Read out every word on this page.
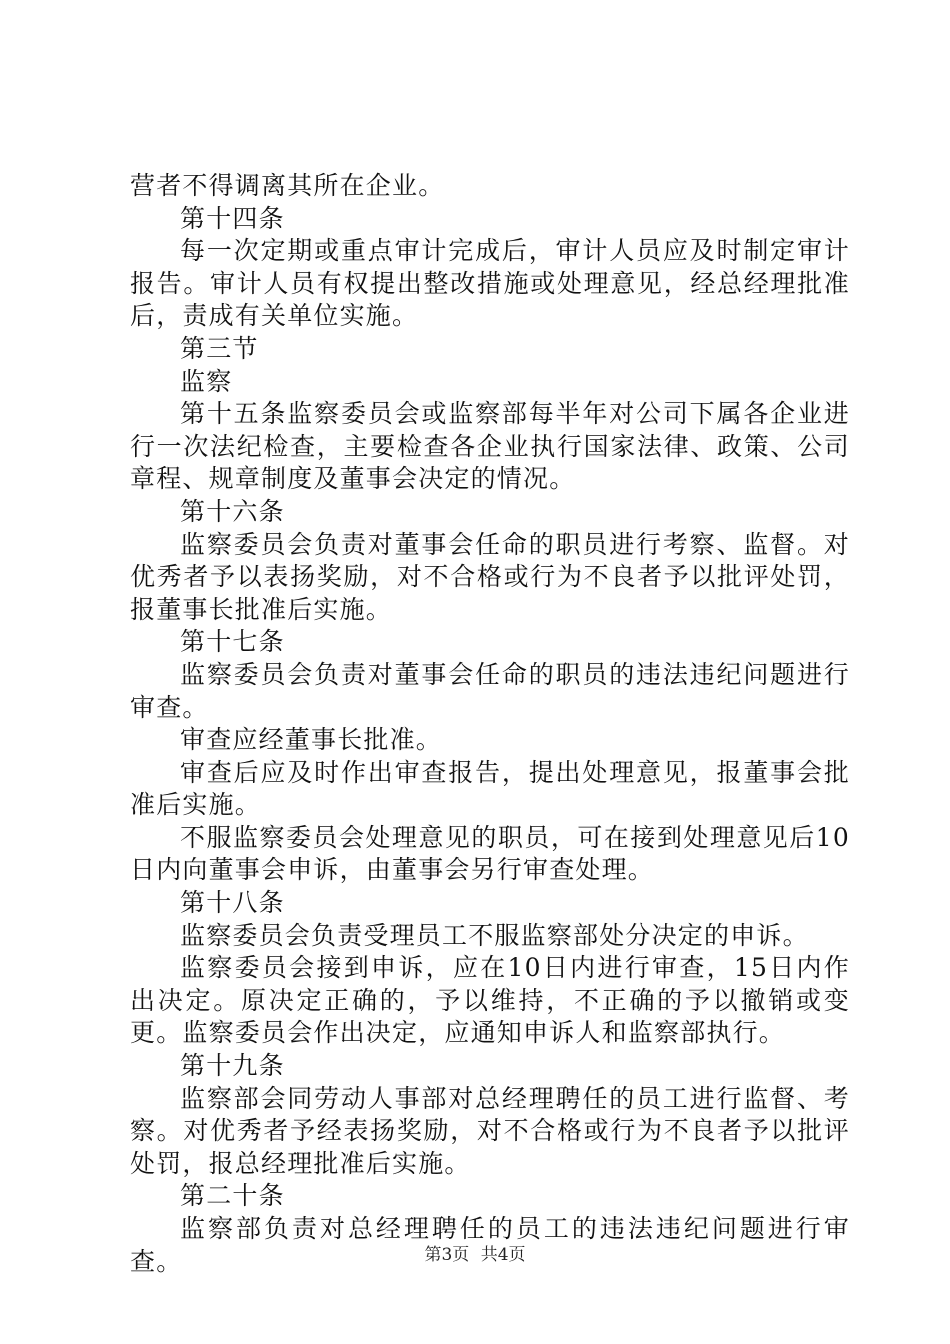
营者不得调离其所在企业。

第十四条

每一次定期或重点审计完成后，审计人员应及时制定审计报告。审计人员有权提出整改措施或处理意见，经总经理批准后，责成有关单位实施。

第三节

监察

第十五条监察委员会或监察部每半年对公司下属各企业进行一次法纪检查，主要检查各企业执行国家法律、政策、公司章程、规章制度及董事会决定的情况。

第十六条

监察委员会负责对董事会任命的职员进行考察、监督。对优秀者予以表扬奖励，对不合格或行为不良者予以批评处罚，报董事长批准后实施。

第十七条

监察委员会负责对董事会任命的职员的违法违纪问题进行审查。

审查应经董事长批准。

审查后应及时作出审查报告，提出处理意见，报董事会批准后实施。

不服监察委员会处理意见的职员，可在接到处理意见后10日内向董事会申诉，由董事会另行审查处理。

第十八条

监察委员会负责受理员工不服监察部处分决定的申诉。

监察委员会接到申诉，应在10日内进行审查，15日内作出决定。原决定正确的，予以维持，不正确的予以撤销或变更。监察委员会作出决定，应通知申诉人和监察部执行。

第十九条

监察部会同劳动人事部对总经理聘任的员工进行监督、考察。对优秀者予经表扬奖励，对不合格或行为不良者予以批评处罚，报总经理批准后实施。

第二十条

监察部负责对总经理聘任的员工的违法违纪问题进行审查。	第3页 共4页
